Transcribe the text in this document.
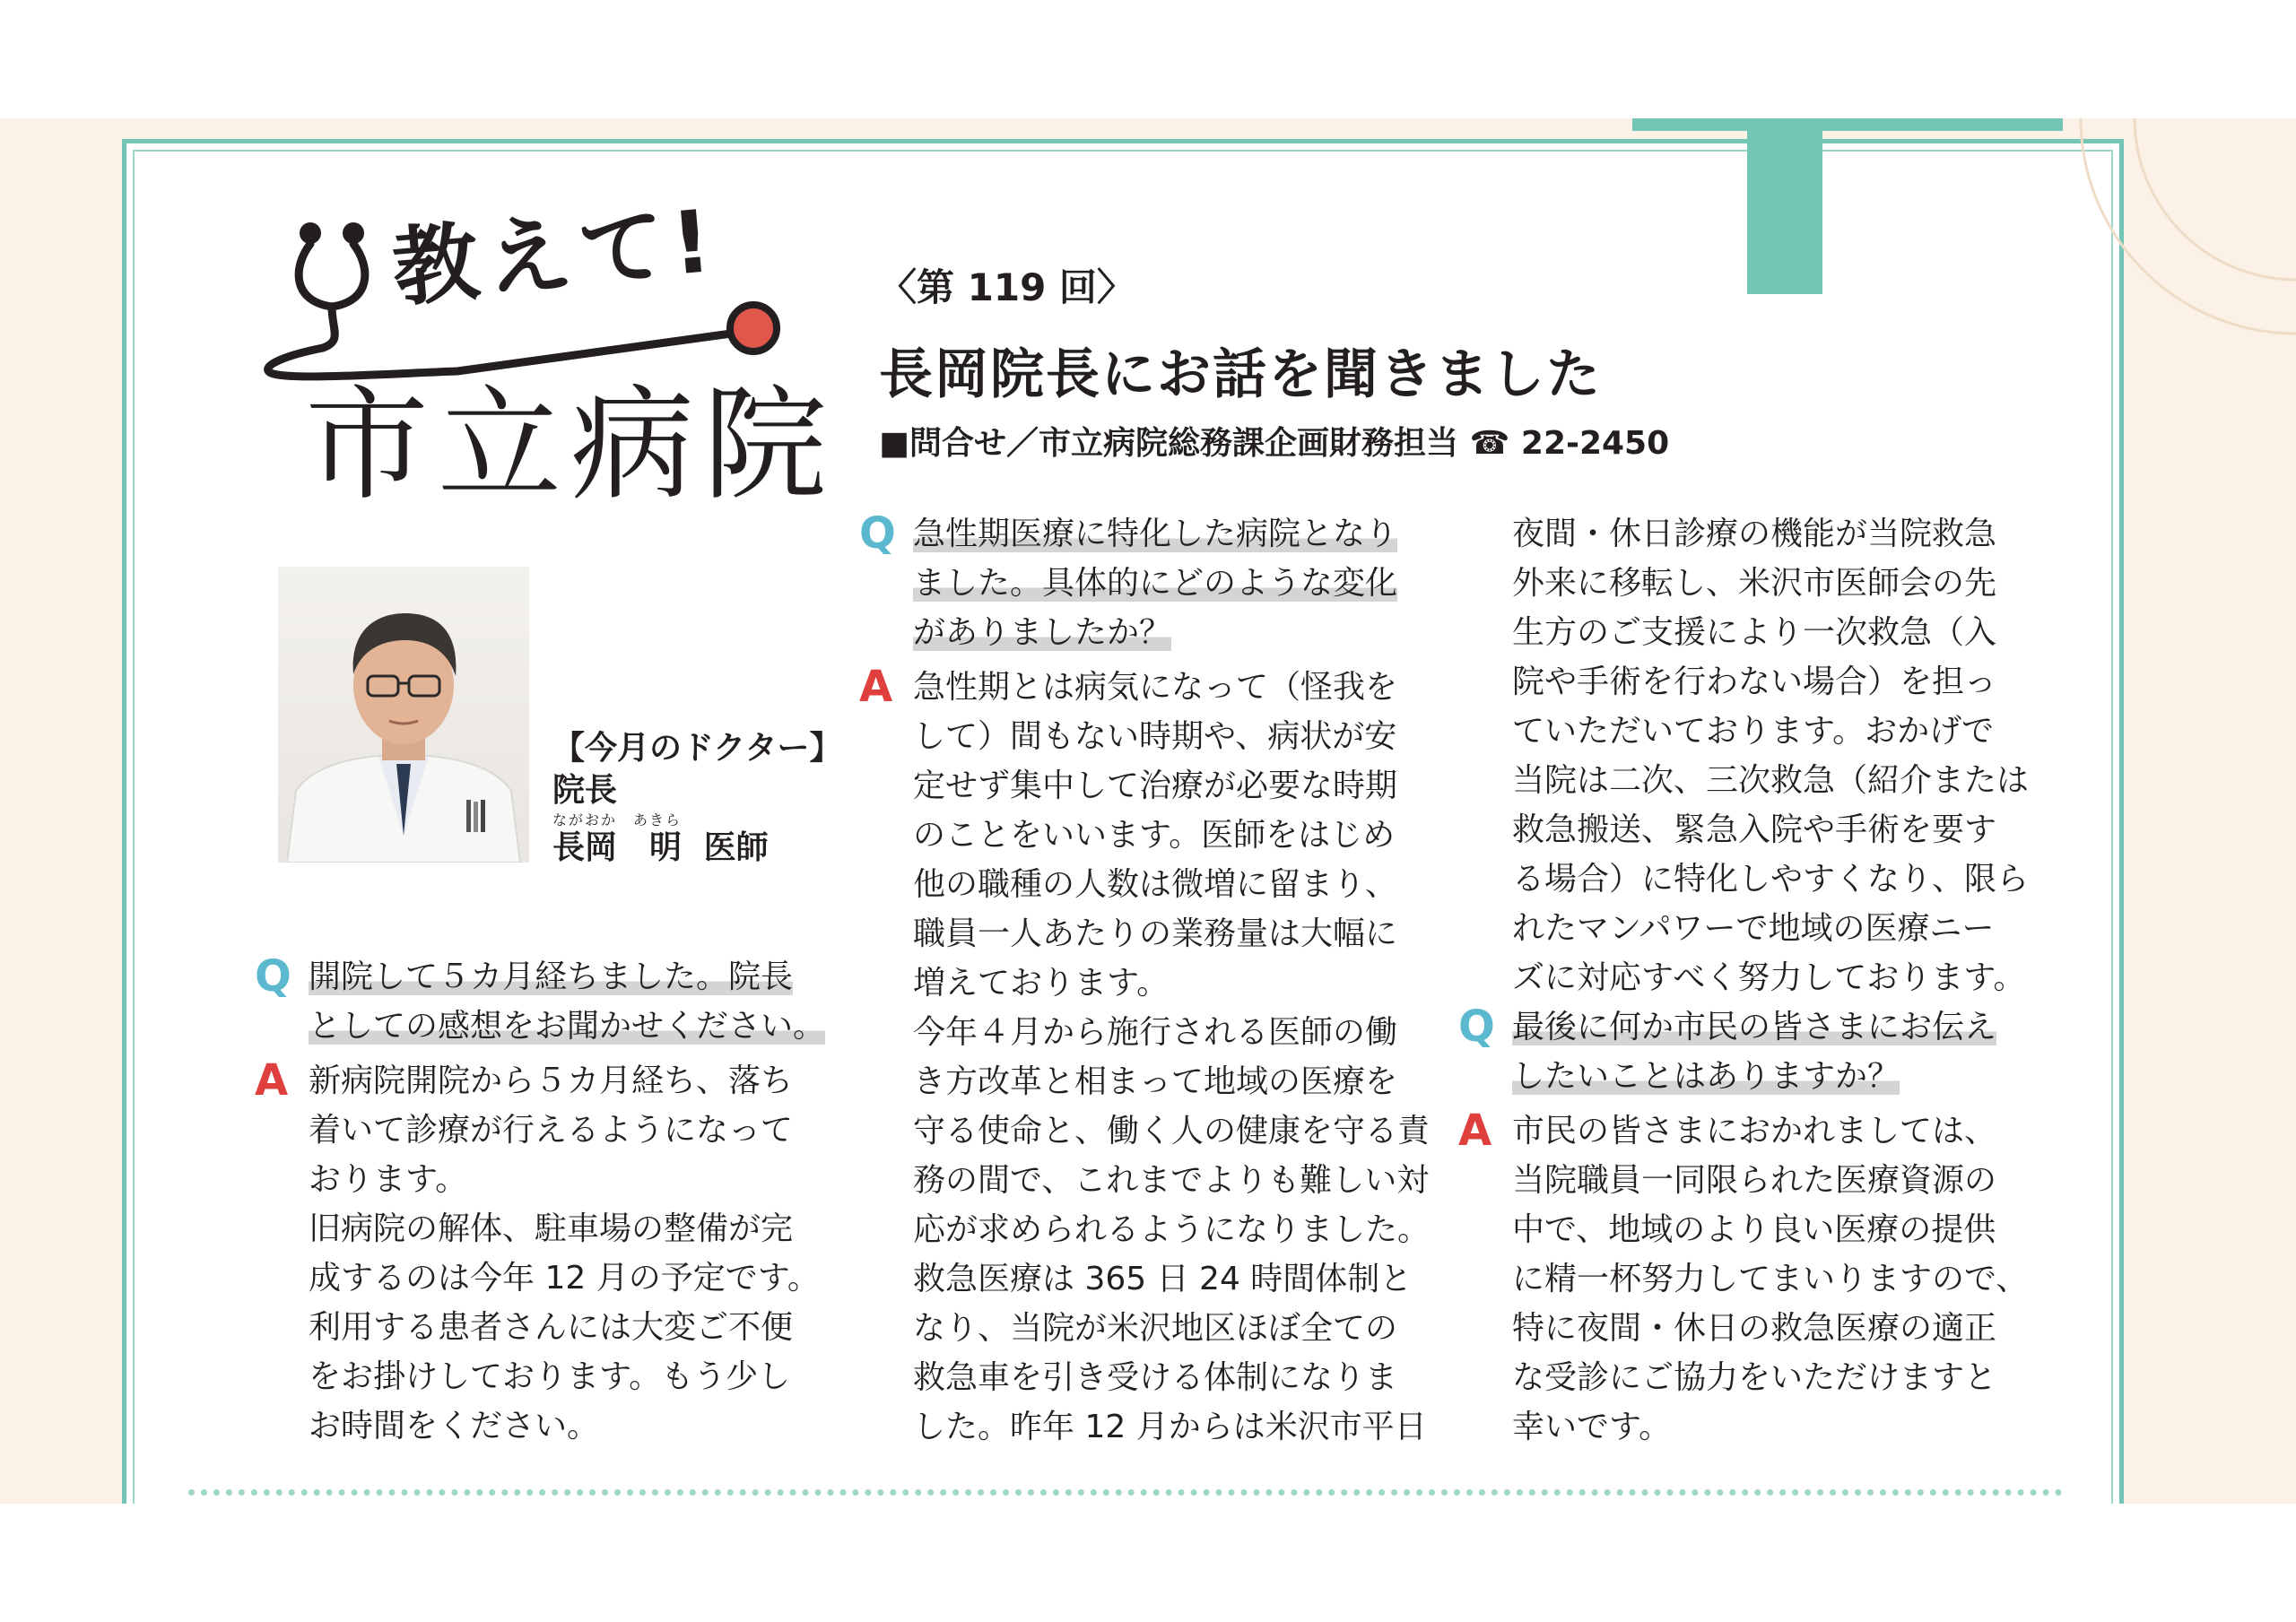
教えて!
市立病院
【今月のドクター】
院長
ながおか　あきら
長岡　明 医師
〈第 119 回〉
長岡院長にお話を聞きました
■問合せ／市立病院総務課企画財務担当 ☎ 22-2450
Q 開院して５カ月経ちました。院長
としての感想をお聞かせください。
A 新病院開院から５カ月経ち、落ち
着いて診療が行えるようになって
おります。
旧病院の解体、駐車場の整備が完
成するのは今年 12 月の予定です。
利用する患者さんには大変ご不便
をお掛けしております。もう少し
お時間をください。
Q 急性期医療に特化した病院となり
ました。具体的にどのような変化
がありましたか？
A 急性期とは病気になって（怪我を
して）間もない時期や、病状が安
定せず集中して治療が必要な時期
のことをいいます。医師をはじめ
他の職種の人数は微増に留まり、
職員一人あたりの業務量は大幅に
増えております。
今年４月から施行される医師の働
き方改革と相まって地域の医療を
守る使命と、働く人の健康を守る責
務の間で、これまでよりも難しい対
応が求められるようになりました。
救急医療は 365 日 24 時間体制と
なり、当院が米沢地区ほぼ全ての
救急車を引き受ける体制になりま
した。昨年 12 月からは米沢市平日
夜間・休日診療の機能が当院救急
外来に移転し、米沢市医師会の先
生方のご支援により一次救急（入
院や手術を行わない場合）を担っ
ていただいております。おかげで
当院は二次、三次救急（紹介または
救急搬送、緊急入院や手術を要す
る場合）に特化しやすくなり、限ら
れたマンパワーで地域の医療ニー
ズに対応すべく努力しております。
Q 最後に何か市民の皆さまにお伝え
したいことはありますか？
A 市民の皆さまにおかれましては、
当院職員一同限られた医療資源の
中で、地域のより良い医療の提供
に精一杯努力してまいりますので、
特に夜間・休日の救急医療の適正
な受診にご協力をいただけますと
幸いです。
